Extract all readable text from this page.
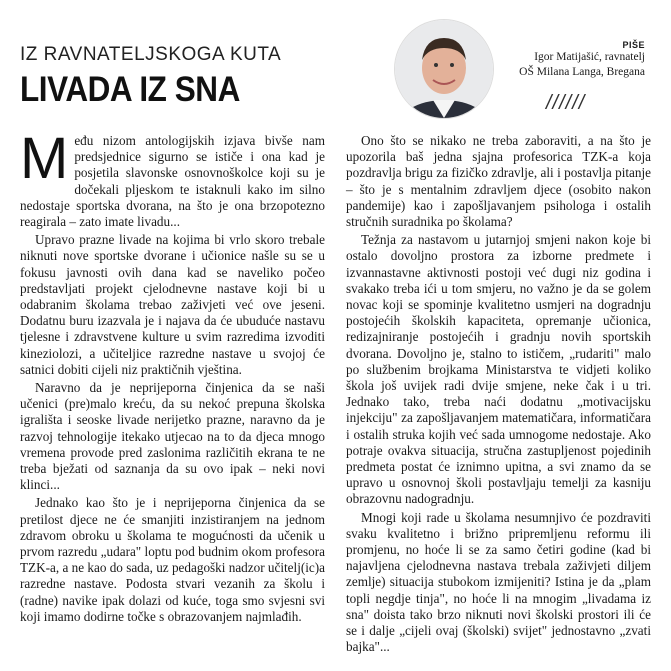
IZ RAVNATELJSKOGA KUTA
LIVADA IZ SNA
PIŠE
Igor Matijašić, ravnatelj
OŠ Milana Langa, Bregana
//////

Među nizom antologijskih izjava bivše nam predsjednice sigurno se ističe i ona kad je posjetila slavonske osnovnoškolce koji su je dočekali pljeskom te istaknuli kako im silno nedostaje sportska dvorana, na što je ona brzopotezno reagirala – zato imate livadu...

Upravo prazne livade na kojima bi vrlo skoro trebale niknuti nove sportske dvorane i učionice našle su se u fokusu javnosti ovih dana kad se naveliko počeo predstavljati projekt cjelodnevne nastave koji bi u odabranim školama trebao zaživjeti već ove jeseni. Dodatnu buru izazvala je i najava da će ubuduće nastavu tjelesne i zdravstvene kulture u svim razredima izvoditi kineziolozi, a učiteljice razredne nastave u svojoj će satnici dobiti cijeli niz praktičnih vještina.

Naravno da je neprijeporna činjenica da se naši učenici (pre)malo kreću, da su nekoć prepuna školska igrališta i seoske livade nerijetko prazne, naravno da je razvoj tehnologije itekako utjecao na to da djeca mnogo vremena provode pred zaslonima različitih ekrana te ne treba bježati od saznanja da su ovo ipak – neki novi klinci...

Jednako kao što je i neprijeporna činjenica da se pretilost djece ne će smanjiti inzistiranjem na jednom zdravom obroku u školama te mogućnosti da učenik u prvom razredu „udara" loptu pod budnim okom profesora TZK-a, a ne kao do sada, uz pedagoški nadzor učitelj(ic)a razredne nastave. Podosta stvari vezanih za školu i (radne) navike ipak dolazi od kuće, toga smo svjesni svi koji imamo dodirne točke s obrazovanjem najmlađih.

Ono što se nikako ne treba zaboraviti, a na što je upozorila baš jedna sjajna profesorica TZK-a koja pozdravlja brigu za fizičko zdravlje, ali i postavlja pitanje – što je s mentalnim zdravljem djece (osobito nakon pandemije) kao i zapošljavanjem psihologa i ostalih stručnih suradnika po školama?

Težnja za nastavom u jutarnjoj smjeni nakon koje bi ostalo dovoljno prostora za izborne predmete i izvannastavne aktivnosti postoji već dugi niz godina i svakako treba ići u tom smjeru, no važno je da se golem novac koji se spominje kvalitetno usmjeri na dogradnju postojećih školskih kapaciteta, opremanje učionica, redizajniranje postojećih i gradnju novih sportskih dvorana. Dovoljno je, stalno to ističem, „rudariti" malo po službenim brojkama Ministarstva te vidjeti koliko škola još uvijek radi dvije smjene, neke čak i u tri. Jednako tako, treba naći dodatnu „motivacijsku injekciju" za zapošljavanjem matematičara, informatičara i ostalih struka kojih već sada umnogome nedostaje. Ako potraje ovakva situacija, stručna zastupljenost pojedinih predmeta postat će iznimno upitna, a svi znamo da se upravo u osnovnoj školi postavljaju temelji za kasniju obrazovnu nadogradnju.

Mnogi koji rade u školama nesumnjivo će pozdraviti svaku kvalitetno i brižno pripremljenu reformu ili promjenu, no hoće li se za samo četiri godine (kad bi najavljena cjelodnevna nastava trebala zaživjeti diljem zemlje) situacija stubokom izmijeniti? Istina je da „plam topli negdje tinja", no hoće li na mnogim „livadama iz sna" doista tako brzo niknuti novi školski prostori ili će se i dalje „cijeli ovaj (školski) svijet" jednostavno „zvati bajka"...
